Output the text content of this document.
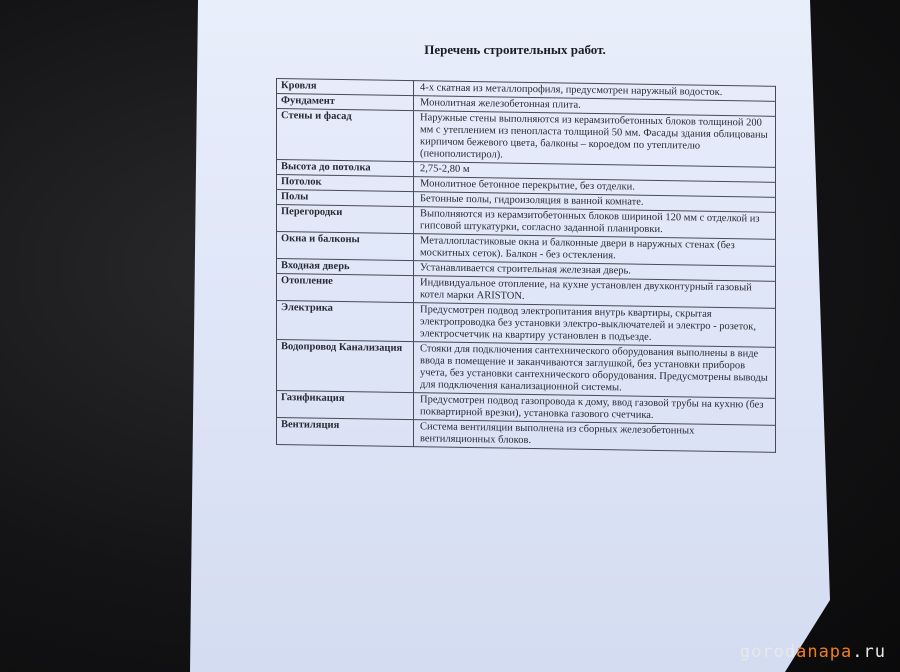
Перечень строительных работ.
Кровля	4-х скатная из металлопрофиля, предусмотрен наружный водосток.
Фундамент	Монолитная железобетонная плита.
Стены и фасад	Наружные стены выполняются из керамзитобетонных блоков толщиной 200 мм с утеплением из пенопласта толщиной 50 мм. Фасады здания облицованы кирпичом бежевого цвета, балконы – короедом по утеплителю (пенополистирол).
Высота до потолка	2,75-2,80 м
Потолок	Монолитное бетонное перекрытие, без отделки.
Полы	Бетонные полы, гидроизоляция в ванной комнате.
Перегородки	Выполняются из керамзитобетонных блоков шириной 120 мм с отделкой из гипсовой штукатурки, согласно заданной планировки.
Окна и балконы	Металлопластиковые окна и балконные двери в наружных стенах (без москитных сеток). Балкон - без остекления.
Входная дверь	Устанавливается строительная железная дверь.
Отопление	Индивидуальное отопление, на кухне установлен двухконтурный газовый котел марки ARISTON.
Электрика	Предусмотрен подвод электропитания внутрь квартиры, скрытая электропроводка без установки электро-выключателей и электро - розеток, электросчетчик на квартиру установлен в подъезде.
Водопровод Канализация	Стояки для подключения сантехнического оборудования выполнены в виде ввода в помещение и заканчиваются заглушкой, без установки приборов учета, без установки сантехнического оборудования. Предусмотрены выводы для подключения канализационной системы.
Газификация	Предусмотрен подвод газопровода к дому, ввод газовой трубы на кухню (без поквартирной врезки), установка газового счетчика.
Вентиляция	Система вентиляции выполнена из сборных железобетонных вентиляционных блоков.
gorodanapa.ru
